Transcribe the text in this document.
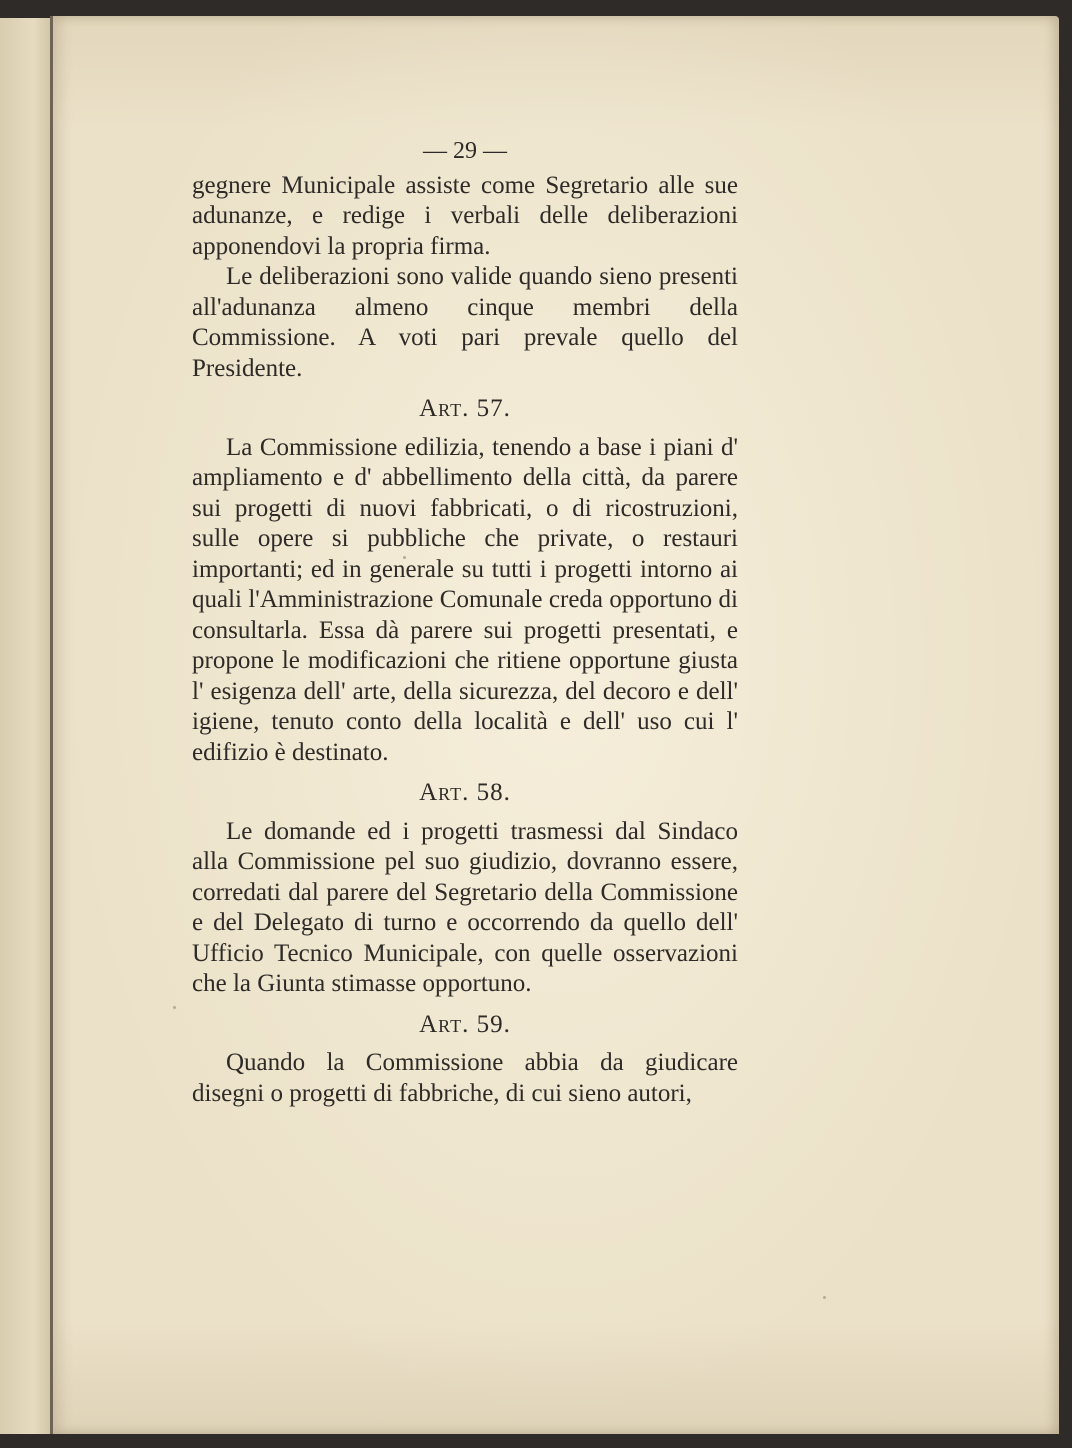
— 29 —

gegnere Municipale assiste come Segretario alle sue adunanze, e redige i verbali delle deliberazioni apponendovi la propria firma.

Le deliberazioni sono valide quando sieno presenti all'adunanza almeno cinque membri della Commissione. A voti pari prevale quello del Presidente.

Art. 57.

La Commissione edilizia, tenendo a base i piani d' ampliamento e d' abbellimento della città, da parere sui progetti di nuovi fabbricati, o di ricostruzioni, sulle opere si pubbliche che private, o restauri importanti; ed in generale su tutti i progetti intorno ai quali l'Amministrazione Comunale creda opportuno di consultarla. Essa dà parere sui progetti presentati, e propone le modificazioni che ritiene opportune giusta l' esigenza dell' arte, della sicurezza, del decoro e dell' igiene, tenuto conto della località e dell' uso cui l' edifizio è destinato.

Art. 58.

Le domande ed i progetti trasmessi dal Sindaco alla Commissione pel suo giudizio, dovranno essere, corredati dal parere del Segretario della Commissione e del Delegato di turno e occorrendo da quello dell' Ufficio Tecnico Municipale, con quelle osservazioni che la Giunta stimasse opportuno.

Art. 59.

Quando la Commissione abbia da giudicare disegni o progetti di fabbriche, di cui sieno autori,
